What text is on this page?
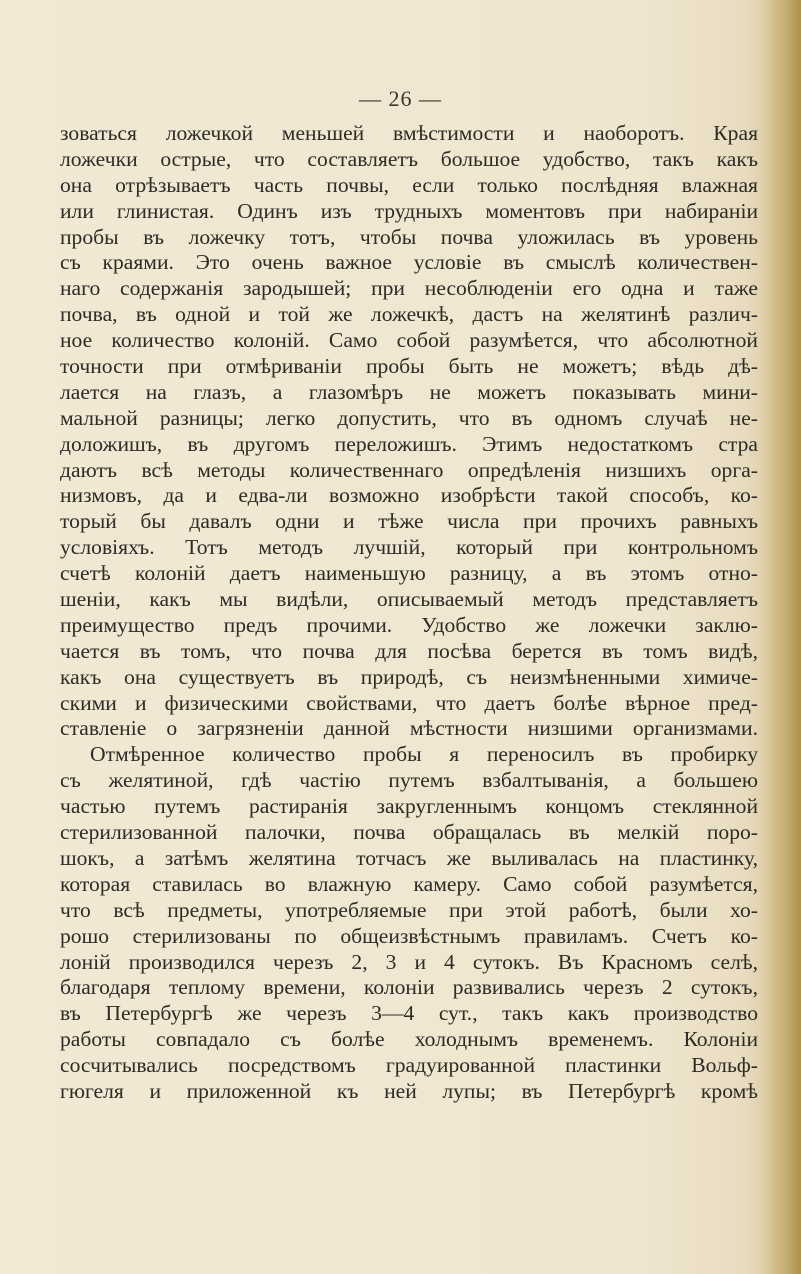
— 26 —
зоваться ложечкой меньшей вмѣстимости и наоборотъ. Края
ложечки острые, что составляетъ большое удобство, такъ какъ
она отрѣзываетъ часть почвы, если только послѣдняя влажная
или глинистая. Одинъ изъ трудныхъ моментовъ при набираніи
пробы въ ложечку тотъ, чтобы почва уложилась въ уровень
съ краями. Это очень важное условіе въ смыслѣ количествен-
наго содержанія зародышей; при несоблюденіи его одна и таже
почва, въ одной и той же ложечкѣ, дастъ на желятинѣ различ-
ное количество колоній. Само собой разумѣется, что абсолютной
точности при отмѣриваніи пробы быть не можетъ; вѣдь дѣ-
лается на глазъ, а глазомѣръ не можетъ показывать мини-
мальной разницы; легко допустить, что въ одномъ случаѣ не-
доложишъ, въ другомъ переложишъ. Этимъ недостаткомъ стра
даютъ всѣ методы количественнаго опредѣленія низшихъ орга-
низмовъ, да и едва-ли возможно изобрѣсти такой способъ, ко-
торый бы давалъ одни и тѣже числа при прочихъ равныхъ
условіяхъ. Тотъ методъ лучшій, который при контрольномъ
счетѣ колоній даетъ наименьшую разницу, а въ этомъ отно-
шеніи, какъ мы видѣли, описываемый методъ представляетъ
преимущество предъ прочими. Удобство же ложечки заклю-
чается въ томъ, что почва для посѣва берется въ томъ видѣ,
какъ она существуетъ въ природѣ, съ неизмѣненными химиче-
скими и физическими свойствами, что даетъ болѣе вѣрное пред-
ставленіе о загрязненіи данной мѣстности низшими организмами.
Отмѣренное количество пробы я переносилъ въ пробирку
съ желятиной, гдѣ частію путемъ взбалтыванія, а большею
частью путемъ растиранія закругленнымъ концомъ стеклянной
стерилизованной палочки, почва обращалась въ мелкій поро-
шокъ, а затѣмъ желятина тотчасъ же выливалась на пластинку,
которая ставилась во влажную камеру. Само собой разумѣется,
что всѣ предметы, употребляемые при этой работѣ, были хо-
рошо стерилизованы по общеизвѣстнымъ правиламъ. Счетъ ко-
лоній производился черезъ 2, 3 и 4 сутокъ. Въ Красномъ селѣ,
благодаря теплому времени, колоніи развивались черезъ 2 сутокъ,
въ Петербургѣ же черезъ 3—4 сут., такъ какъ производство
работы совпадало съ болѣе холоднымъ временемъ. Колоніи
сосчитывались посредствомъ градуированной пластинки Вольф-
гюгеля и приложенной къ ней лупы; въ Петербургѣ кромѣ
